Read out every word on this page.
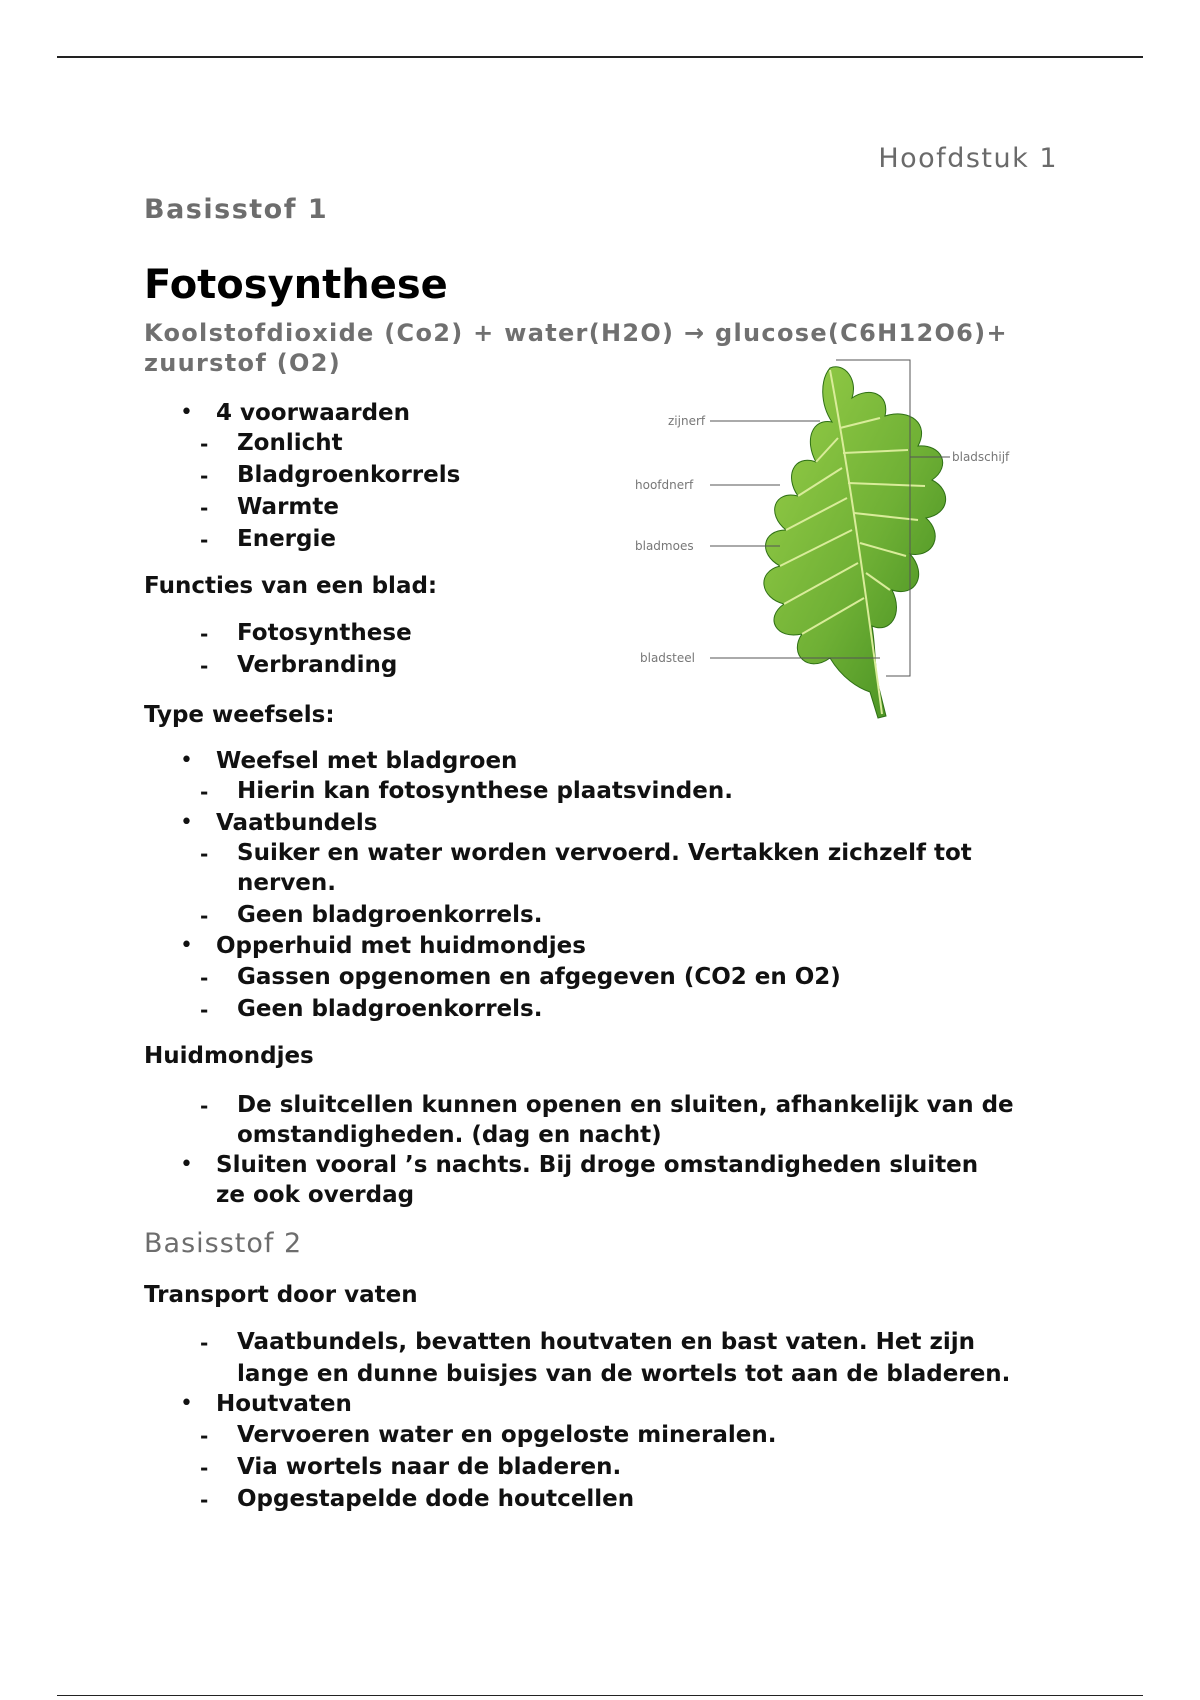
Hoofdstuk 1
Basisstof 1
Fotosynthese
Koolstofdioxide (Co2) + water(H2O) → glucose(C6H12O6)+
zuurstof (O2)
• 4 voorwaarden
- Zonlicht
- Bladgroenkorrels
- Warmte
- Energie
Functies van een blad:
- Fotosynthese
- Verbranding
Type weefsels:
• Weefsel met bladgroen
- Hierin kan fotosynthese plaatsvinden.
• Vaatbundels
- Suiker en water worden vervoerd. Vertakken zichzelf tot
nerven.
- Geen bladgroenkorrels.
• Opperhuid met huidmondjes
- Gassen opgenomen en afgegeven (CO2 en O2)
- Geen bladgroenkorrels.
Huidmondjes
- De sluitcellen kunnen openen en sluiten, afhankelijk van de
omstandigheden. (dag en nacht)
• Sluiten vooral ’s nachts. Bij droge omstandigheden sluiten
ze ook overdag
Basisstof 2
Transport door vaten
- Vaatbundels, bevatten houtvaten en bast vaten. Het zijn
lange en dunne buisjes van de wortels tot aan de bladeren.
• Houtvaten
- Vervoeren water en opgeloste mineralen.
- Via wortels naar de bladeren.
- Opgestapelde dode houtcellen
zijnerf
hoofdnerf
bladmoes
bladsteel
bladschijf
